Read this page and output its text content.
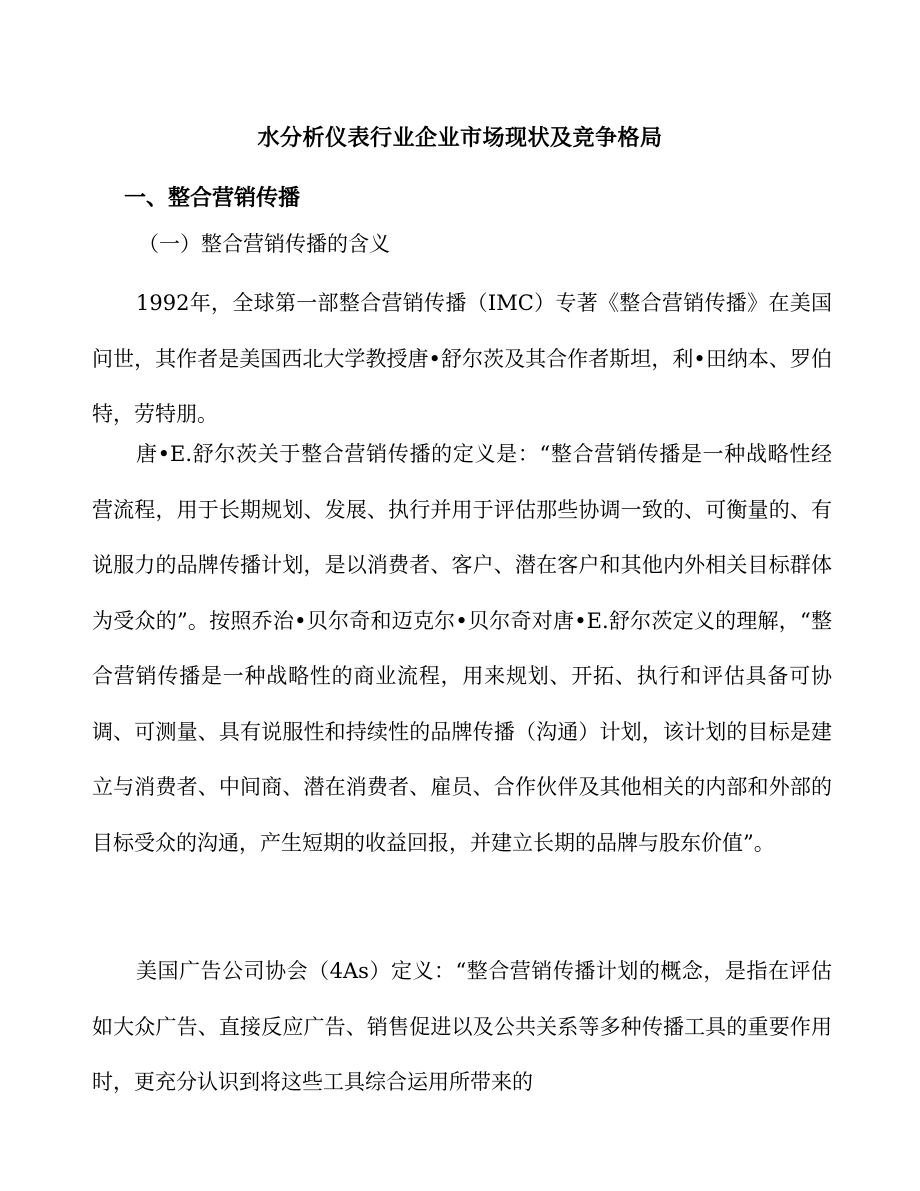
水分析仪表行业企业市场现状及竞争格局
一、整合营销传播
（一）整合营销传播的含义

1992年，全球第一部整合营销传播（IMC）专著《整合营销传播》在美国问世，其作者是美国西北大学教授唐•舒尔茨及其合作者斯坦，利•田纳本、罗伯特，劳特朋。

唐•E.舒尔茨关于整合营销传播的定义是：“整合营销传播是一种战略性经营流程，用于长期规划、发展、执行并用于评估那些协调一致的、可衡量的、有说服力的品牌传播计划，是以消费者、客户、潜在客户和其他内外相关目标群体为受众的”。按照乔治•贝尔奇和迈克尔•贝尔奇对唐•E.舒尔茨定义的理解，“整合营销传播是一种战略性的商业流程，用来规划、开拓、执行和评估具备可协调、可测量、具有说服性和持续性的品牌传播（沟通）计划，该计划的目标是建立与消费者、中间商、潜在消费者、雇员、合作伙伴及其他相关的内部和外部的目标受众的沟通，产生短期的收益回报，并建立长期的品牌与股东价值”。

美国广告公司协会（4As）定义：“整合营销传播计划的概念，是指在评估如大众广告、直接反应广告、销售促进以及公共关系等多种传播工具的重要作用时，更充分认识到将这些工具综合运用所带来的
